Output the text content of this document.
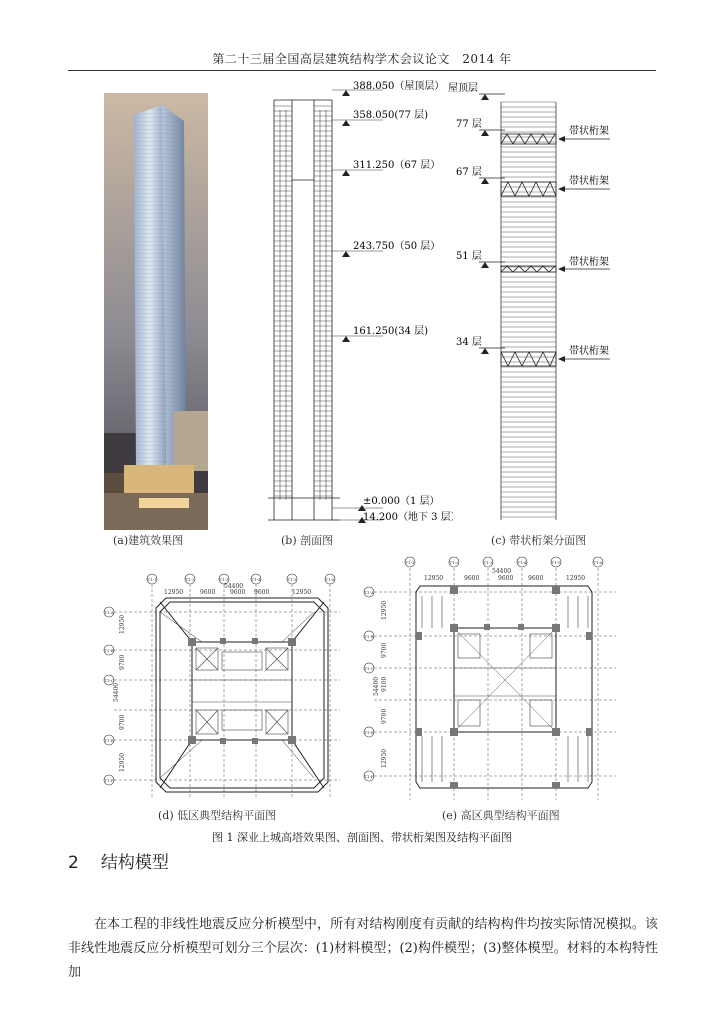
第二十三届全国高层建筑结构学术会议论文 2014 年
388.050（屋顶层）
358.050(77 层)
311.250（67 层）
243.750（50 层）
161.250(34 层)
±0.000（1 层）
14.200（地下 3 层）
屋顶层
77 层
67 层
51 层
34 层
带状桁架
带状桁架
带状桁架
带状桁架
(a)建筑效果图	(b) 剖面图	(c) 带状桁架分面图
12950	9600
54400
9600 9600	12950
T1-1	T1-2	T1-3	T1-4	T1-5	T1-6
T1-A
T1-B
T1-C
T1-E
T1-F
12950
9700
54400
9700
12950
12950	9600
54400
9600 9600	12950
T1-1	T1-2	T1-3	T1-4	T1-5	T1-6
T1-A
T1-B
T1-C
T1-E
T1-F
12950
9700
54400 9100
9700
12950
(d) 低区典型结构平面图	(e) 高区典型结构平面图
图 1 深业上城高塔效果图、剖面图、带状桁架图及结构平面图
2 结构模型
在本工程的非线性地震反应分析模型中，所有对结构刚度有贡献的结构构件均按实际情况模拟。该非线性地震反应分析模型可划分三个层次：(1)材料模型；(2)构件模型；(3)整体模型。材料的本构特性加
